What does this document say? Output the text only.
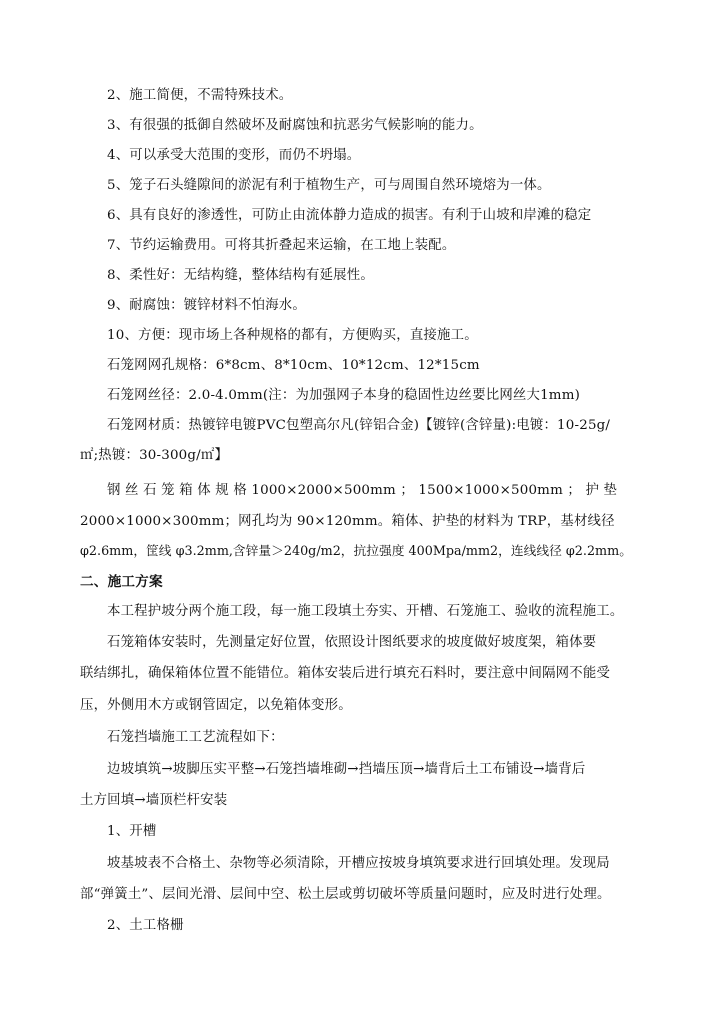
2、施工简便，不需特殊技术。
3、有很强的抵御自然破坏及耐腐蚀和抗恶劣气候影响的能力。
4、可以承受大范围的变形，而仍不坍塌。
5、笼子石头缝隙间的淤泥有利于植物生产，可与周围自然环境熔为一体。
6、具有良好的渗透性，可防止由流体静力造成的损害。有利于山坡和岸滩的稳定
7、节约运输费用。可将其折叠起来运输，在工地上装配。
8、柔性好：无结构缝，整体结构有延展性。
9、耐腐蚀：镀锌材料不怕海水。
10、方便：现市场上各种规格的都有，方便购买，直接施工。
石笼网网孔规格：6*8cm、8*10cm、10*12cm、12*15cm
石笼网丝径：2.0-4.0mm(注：为加强网子本身的稳固性边丝要比网丝大1mm)
石笼网材质：热镀锌电镀PVC包塑高尔凡(锌铝合金)【镀锌(含锌量):电镀：10-25g/
㎡;热镀：30-300g/㎡】
钢 丝 石 笼 箱 体 规 格 1000×2000×500mm ； 1500×1000×500mm ； 护 垫
2000×1000×300mm；网孔均为 90×120mm。箱体、护垫的材料为 TRP，基材线径
φ2.6mm，筐线 φ3.2mm,含锌量＞240g/m2，抗拉强度 400Mpa/mm2，连线线径 φ2.2mm。
二、施工方案
本工程护坡分两个施工段，每一施工段填土夯实、开槽、石笼施工、验收的流程施工。
石笼箱体安装时，先测量定好位置，依照设计图纸要求的坡度做好坡度架，箱体要
联结绑扎，确保箱体位置不能错位。箱体安装后进行填充石料时，要注意中间隔网不能受
压，外侧用木方或钢管固定，以免箱体变形。
石笼挡墙施工工艺流程如下：
边坡填筑→坡脚压实平整→石笼挡墙堆砌→挡墙压顶→墙背后土工布铺设→墙背后
土方回填→墙顶栏杆安装
1、开槽
坡基坡表不合格土、杂物等必须清除，开槽应按坡身填筑要求进行回填处理。发现局
部“弹簧土”、层间光滑、层间中空、松土层或剪切破坏等质量问题时，应及时进行处理。
2、土工格栅
